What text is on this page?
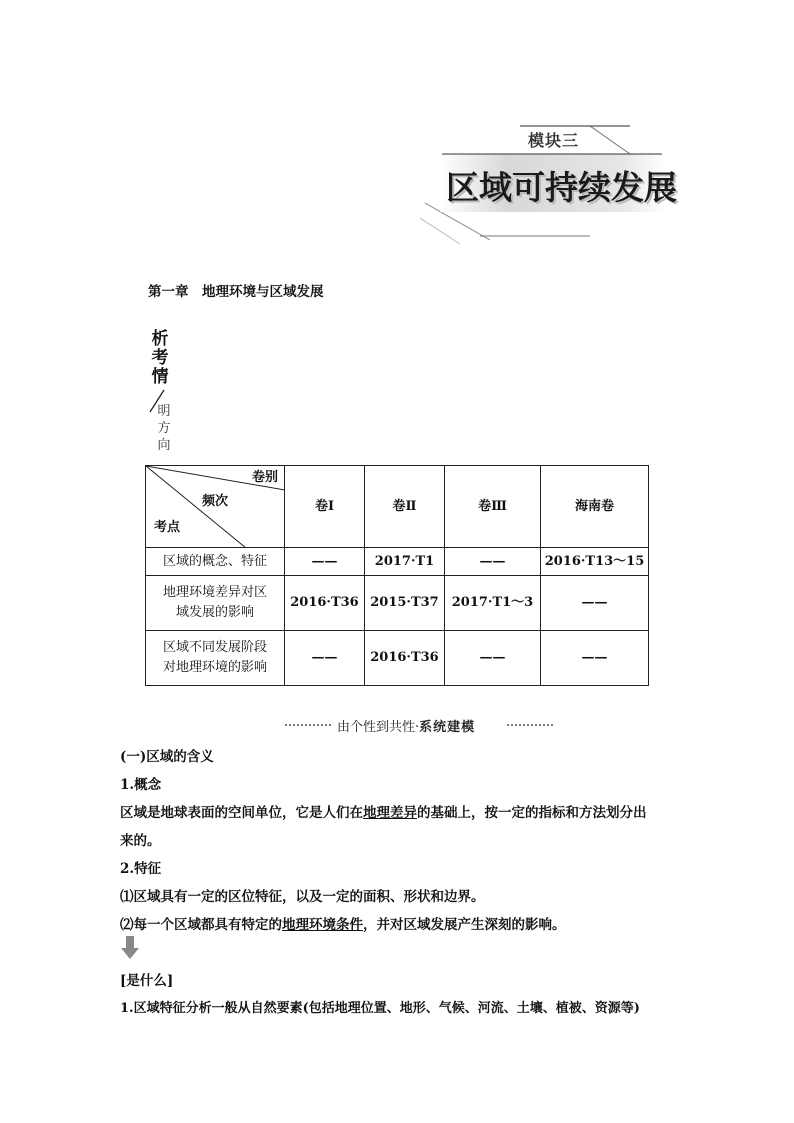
模块三
区域可持续发展
第一章　地理环境与区域发展
析
考
情
明
方
向
卷别
频次
考点	卷Ⅰ	卷Ⅱ	卷Ⅲ	海南卷
区域的概念、特征	——	2017·T1	——	2016·T13～15
地理环境差异对区
域发展的影响	2016·T36	2015·T37	2017·T1～3	——
区域不同发展阶段
对地理环境的影响	——	2016·T36	——	——
由个性到共性·系统建模
(一)区域的含义
1.概念
区域是地球表面的空间单位，它是人们在地理差异的基础上，按一定的指标和方法划分出
来的。
2.特征
⑴区域具有一定的区位特征，以及一定的面积、形状和边界。
⑵每一个区域都具有特定的地理环境条件，并对区域发展产生深刻的影响。
[是什么]
1.区域特征分析一般从自然要素(包括地理位置、地形、气候、河流、土壤、植被、资源等)
